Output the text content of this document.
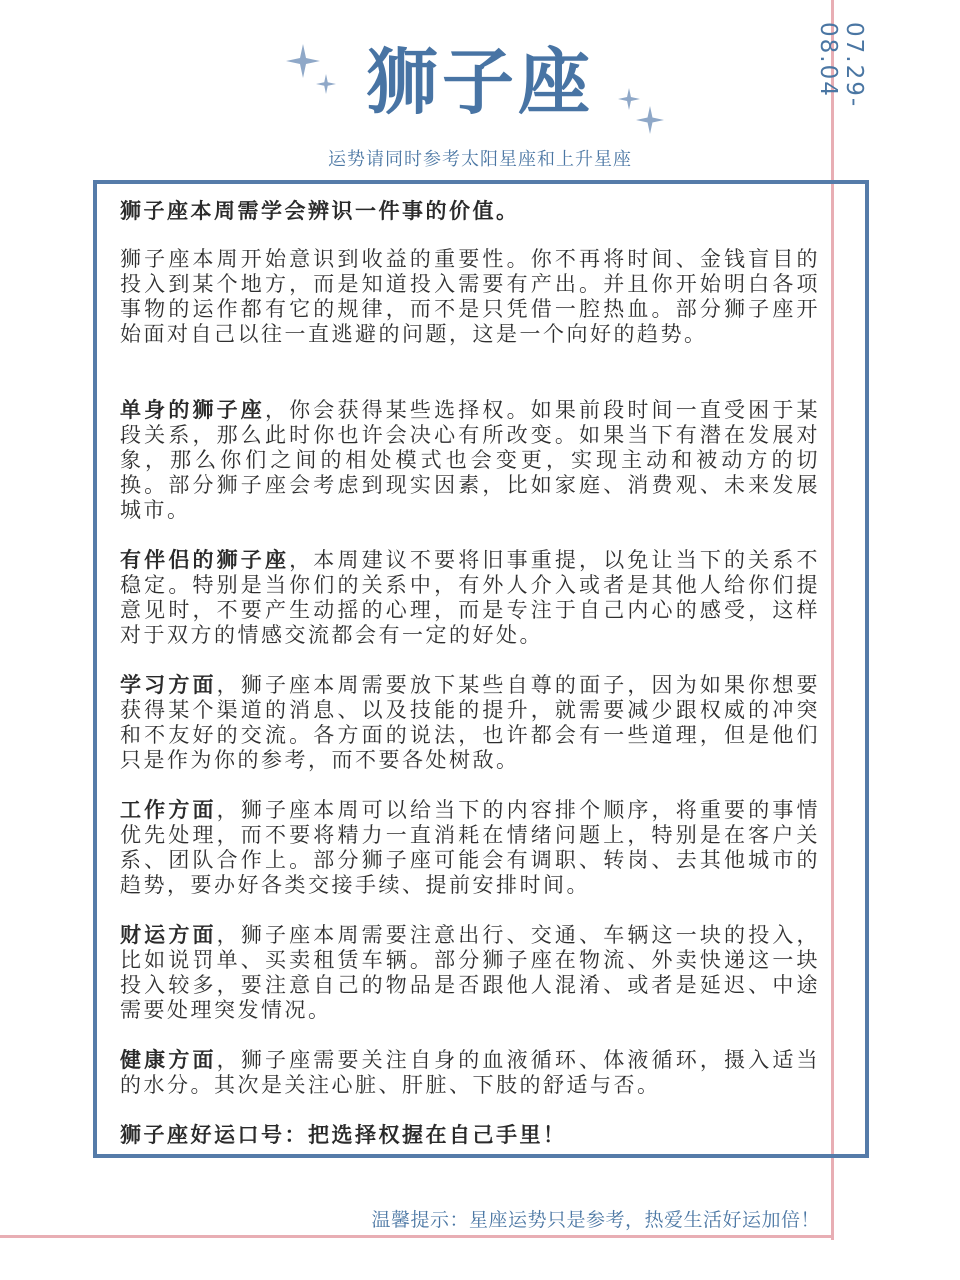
07.29-08.04
狮子座
运势请同时参考太阳星座和上升星座

狮子座本周需学会辨识一件事的价值。

狮子座本周开始意识到收益的重要性。你不再将时间、金钱盲目的投入到某个地方，而是知道投入需要有产出。并且你开始明白各项事物的运作都有它的规律，而不是只凭借一腔热血。部分狮子座开始面对自己以往一直逃避的问题，这是一个向好的趋势。

单身的狮子座，你会获得某些选择权。如果前段时间一直受困于某段关系，那么此时你也许会决心有所改变。如果当下有潜在发展对象，那么你们之间的相处模式也会变更，实现主动和被动方的切换。部分狮子座会考虑到现实因素，比如家庭、消费观、未来发展城市。

有伴侣的狮子座，本周建议不要将旧事重提，以免让当下的关系不稳定。特别是当你们的关系中，有外人介入或者是其他人给你们提意见时，不要产生动摇的心理，而是专注于自己内心的感受，这样对于双方的情感交流都会有一定的好处。

学习方面，狮子座本周需要放下某些自尊的面子，因为如果你想要获得某个渠道的消息、以及技能的提升，就需要减少跟权威的冲突和不友好的交流。各方面的说法，也许都会有一些道理，但是他们只是作为你的参考，而不要各处树敌。

工作方面，狮子座本周可以给当下的内容排个顺序，将重要的事情优先处理，而不要将精力一直消耗在情绪问题上，特别是在客户关系、团队合作上。部分狮子座可能会有调职、转岗、去其他城市的趋势，要办好各类交接手续、提前安排时间。

财运方面，狮子座本周需要注意出行、交通、车辆这一块的投入，比如说罚单、买卖租赁车辆。部分狮子座在物流、外卖快递这一块投入较多，要注意自己的物品是否跟他人混淆、或者是延迟、中途需要处理突发情况。

健康方面，狮子座需要关注自身的血液循环、体液循环，摄入适当的水分。其次是关注心脏、肝脏、下肢的舒适与否。

狮子座好运口号：把选择权握在自己手里！

温馨提示：星座运势只是参考，热爱生活好运加倍！
